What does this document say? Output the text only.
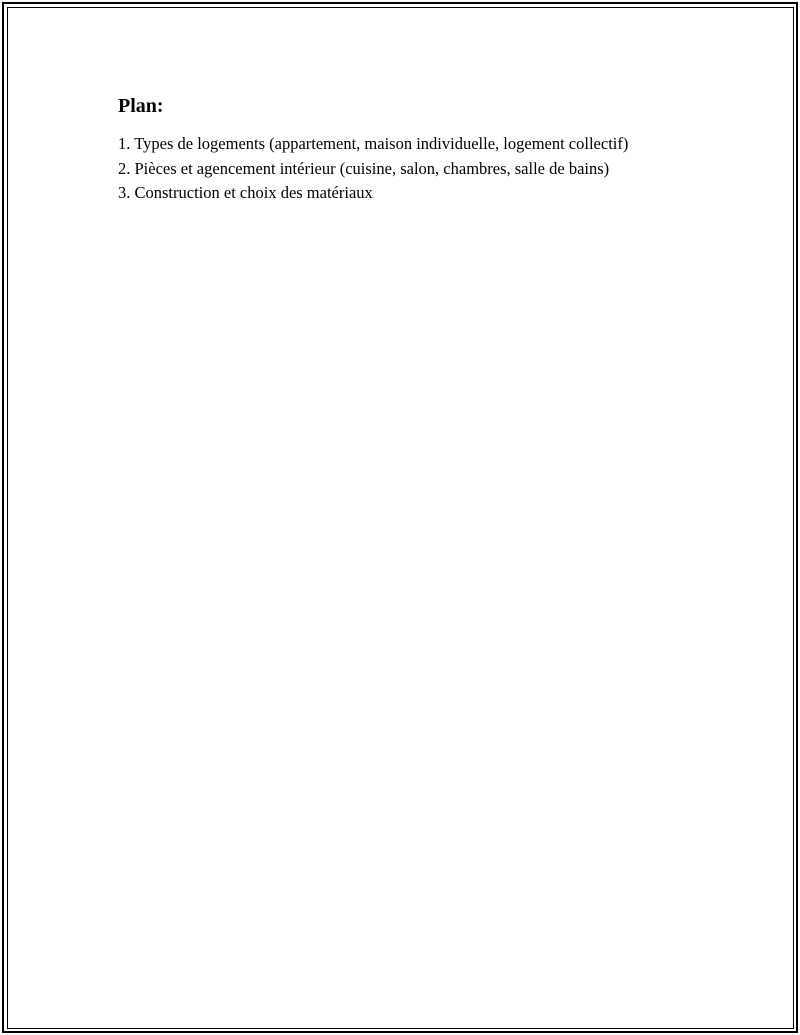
Plan:
1. Types de logements (appartement, maison individuelle, logement collectif)
2. Pièces et agencement intérieur (cuisine, salon, chambres, salle de bains)
3. Construction et choix des matériaux
